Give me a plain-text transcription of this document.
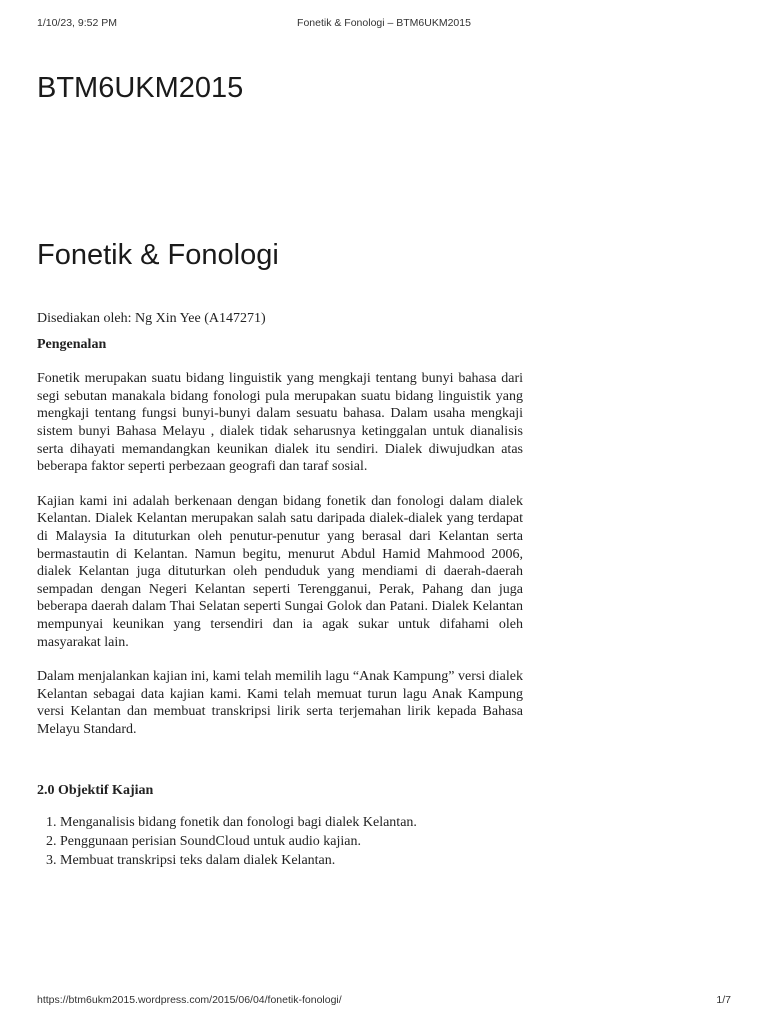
1/10/23, 9:52 PM	Fonetik & Fonologi – BTM6UKM2015
BTM6UKM2015
Fonetik & Fonologi

Disediakan oleh: Ng Xin Yee (A147271)

Pengenalan

Fonetik merupakan suatu bidang linguistik yang mengkaji tentang bunyi bahasa dari segi sebutan manakala bidang fonologi pula merupakan suatu bidang linguistik yang mengkaji tentang fungsi bunyi-bunyi dalam sesuatu bahasa. Dalam usaha mengkaji sistem bunyi Bahasa Melayu , dialek tidak seharusnya ketinggalan untuk dianalisis serta dihayati memandangkan keunikan dialek itu sendiri. Dialek diwujudkan atas beberapa faktor seperti perbezaan geografi dan taraf sosial.

Kajian kami ini adalah berkenaan dengan bidang fonetik dan fonologi dalam dialek Kelantan. Dialek Kelantan merupakan salah satu daripada dialek-dialek yang terdapat di Malaysia Ia dituturkan oleh penutur-penutur yang berasal dari Kelantan serta bermastautin di Kelantan. Namun begitu, menurut Abdul Hamid Mahmood 2006, dialek Kelantan juga dituturkan oleh penduduk yang mendiami di daerah-daerah sempadan dengan Negeri Kelantan seperti Terengganui, Perak, Pahang dan juga beberapa daerah dalam Thai Selatan seperti Sungai Golok dan Patani. Dialek Kelantan mempunyai keunikan yang tersendiri dan ia agak sukar untuk difahami oleh masyarakat lain.

Dalam menjalankan kajian ini, kami telah memilih lagu “Anak Kampung” versi dialek Kelantan sebagai data kajian kami. Kami telah memuat turun lagu Anak Kampung versi Kelantan dan membuat transkripsi lirik serta terjemahan lirik kepada Bahasa Melayu Standard.

2.0 Objektif Kajian

1. Menganalisis bidang fonetik dan fonologi bagi dialek Kelantan.
2. Penggunaan perisian SoundCloud untuk audio kajian.
3. Membuat transkripsi teks dalam dialek Kelantan.
https://btm6ukm2015.wordpress.com/2015/06/04/fonetik-fonologi/	1/7
